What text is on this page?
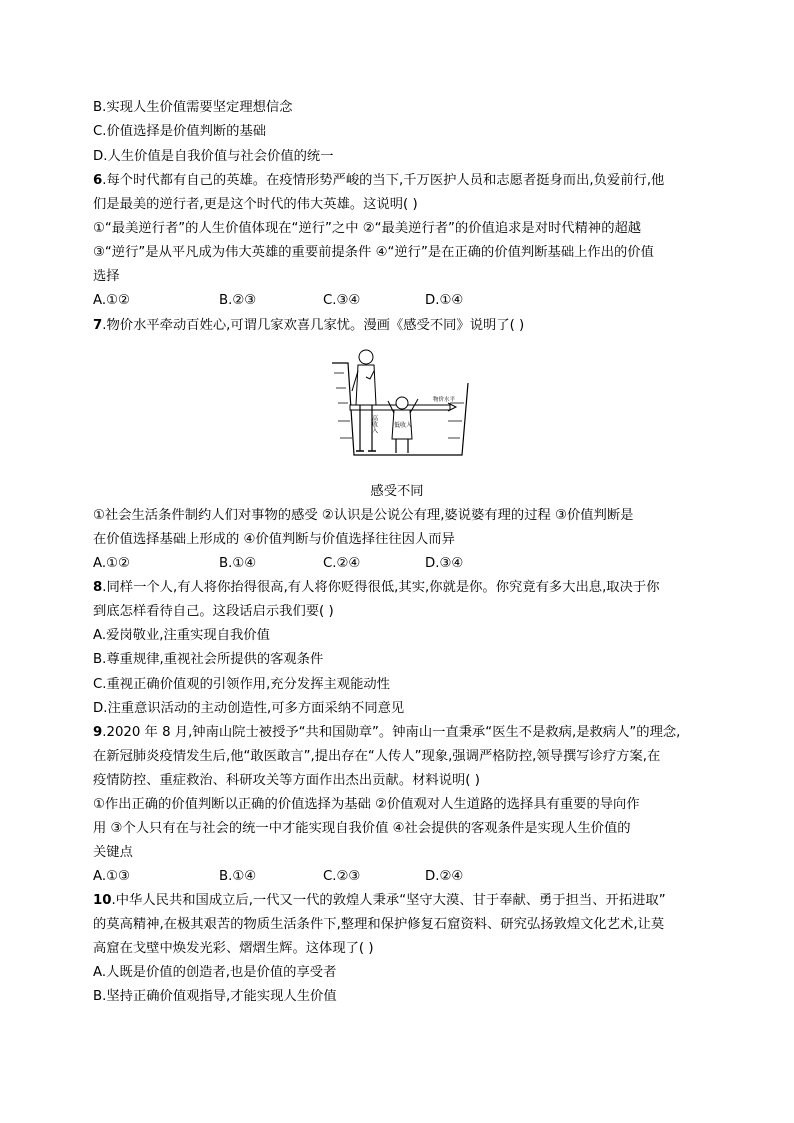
B.实现人生价值需要坚定理想信念
C.价值选择是价值判断的基础
D.人生价值是自我价值与社会价值的统一
6.每个时代都有自己的英雄。在疫情形势严峻的当下,千万医护人员和志愿者挺身而出,负爱前行,他
们是最美的逆行者,更是这个时代的伟大英雄。这说明( )
①“最美逆行者”的人生价值体现在“逆行”之中 ②“最美逆行者”的价值追求是对时代精神的超越
③“逆行”是从平凡成为伟大英雄的重要前提条件 ④“逆行”是在正确的价值判断基础上作出的价值
选择
A.①②	B.②③	C.③④	D.①④
7.物价水平牵动百姓心,可谓几家欢喜几家忧。漫画《感受不同》说明了( )
高收入	低收入
物价水平
感受不同
①社会生活条件制约人们对事物的感受 ②认识是公说公有理,婆说婆有理的过程 ③价值判断是
在价值选择基础上形成的 ④价值判断与价值选择往往因人而异
A.①②	B.①④	C.②④	D.③④
8.同样一个人,有人将你抬得很高,有人将你贬得很低,其实,你就是你。你究竟有多大出息,取决于你
到底怎样看待自己。这段话启示我们要( )
A.爱岗敬业,注重实现自我价值
B.尊重规律,重视社会所提供的客观条件
C.重视正确价值观的引领作用,充分发挥主观能动性
D.注重意识活动的主动创造性,可多方面采纳不同意见
9.2020 年 8 月,钟南山院士被授予“共和国勋章”。钟南山一直秉承“医生不是救病,是救病人”的理念,
在新冠肺炎疫情发生后,他“敢医敢言”,提出存在“人传人”现象,强调严格防控,领导撰写诊疗方案,在
疫情防控、重症救治、科研攻关等方面作出杰出贡献。材料说明( )
①作出正确的价值判断以正确的价值选择为基础 ②价值观对人生道路的选择具有重要的导向作
用 ③个人只有在与社会的统一中才能实现自我价值 ④社会提供的客观条件是实现人生价值的
关键点
A.①③	B.①④	C.②③	D.②④
10.中华人民共和国成立后,一代又一代的敦煌人秉承“坚守大漠、甘于奉献、勇于担当、开拓进取”
的莫高精神,在极其艰苦的物质生活条件下,整理和保护修复石窟资料、研究弘扬敦煌文化艺术,让莫
高窟在戈壁中焕发光彩、熠熠生辉。这体现了( )
A.人既是价值的创造者,也是价值的享受者
B.坚持正确价值观指导,才能实现人生价值
